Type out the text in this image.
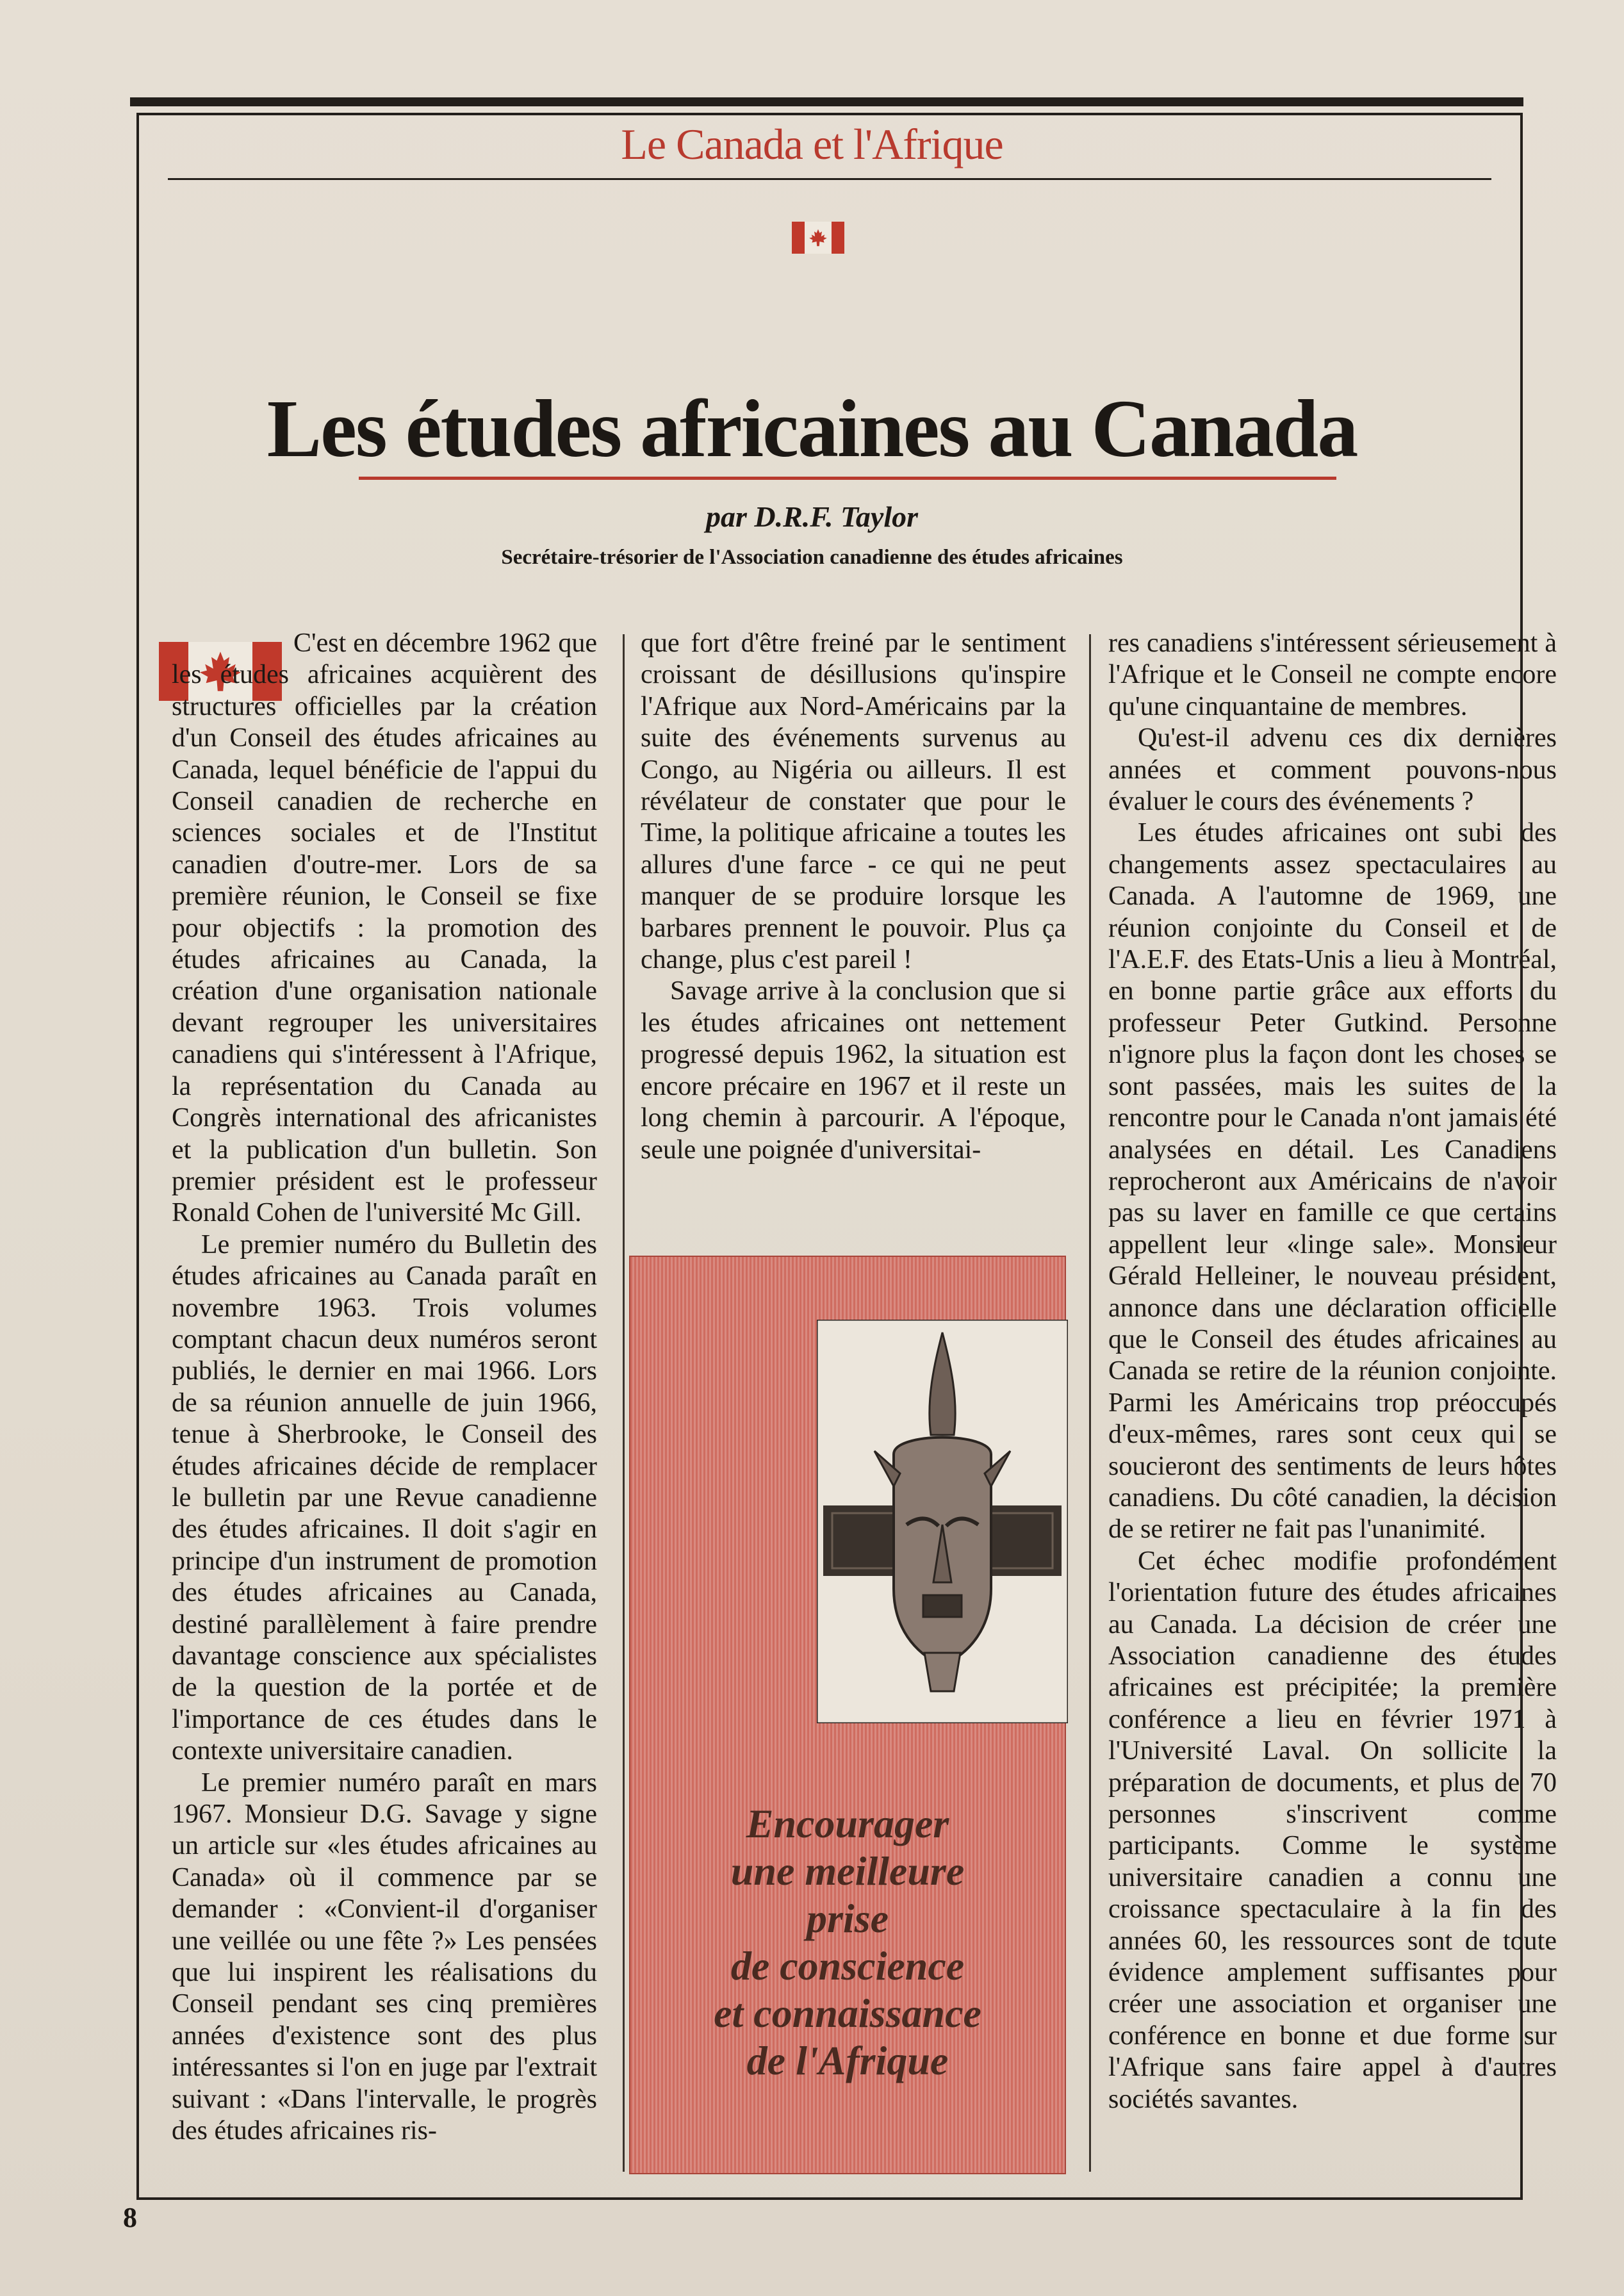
Le Canada et l'Afrique
Les études africaines au Canada
par D.R.F. Taylor
Secrétaire-trésorier de l'Association canadienne des études africaines

C'est en décembre 1962 que les études africaines acquièrent des structures officielles par la création d'un Conseil des études africaines au Canada, lequel bénéficie de l'appui du Conseil canadien de recherche en sciences sociales et de l'Institut canadien d'outre-mer. Lors de sa première réunion, le Conseil se fixe pour objectifs : la promotion des études africaines au Canada, la création d'une organisation nationale devant regrouper les universitaires canadiens qui s'intéressent à l'Afrique, la représentation du Canada au Congrès international des africanistes et la publication d'un bulletin. Son premier président est le professeur Ronald Cohen de l'université Mc Gill.

Le premier numéro du Bulletin des études africaines au Canada paraît en novembre 1963. Trois volumes comptant chacun deux numéros seront publiés, le dernier en mai 1966. Lors de sa réunion annuelle de juin 1966, tenue à Sherbrooke, le Conseil des études africaines décide de remplacer le bulletin par une Revue canadienne des études africaines. Il doit s'agir en principe d'un instrument de promotion des études africaines au Canada, destiné parallèlement à faire prendre davantage conscience aux spécialistes de la question de la portée et de l'importance de ces études dans le contexte universitaire canadien.

Le premier numéro paraît en mars 1967. Monsieur D.G. Savage y signe un article sur «les études africaines au Canada» où il commence par se demander : «Convient-il d'organiser une veillée ou une fête ?» Les pensées que lui inspirent les réalisations du Conseil pendant ses cinq premières années d'existence sont des plus intéressantes si l'on en juge par l'extrait suivant : «Dans l'intervalle, le progrès des études africaines ris-

que fort d'être freiné par le sentiment croissant de désillusions qu'inspire l'Afrique aux Nord-Américains par la suite des événements survenus au Congo, au Nigéria ou ailleurs. Il est révélateur de constater que pour le Time, la politique africaine a toutes les allures d'une farce - ce qui ne peut manquer de se produire lorsque les barbares prennent le pouvoir. Plus ça change, plus c'est pareil !

Savage arrive à la conclusion que si les études africaines ont nettement progressé depuis 1962, la situation est encore précaire en 1967 et il reste un long chemin à parcourir. A l'époque, seule une poignée d'universitai-

res canadiens s'intéressent sérieusement à l'Afrique et le Conseil ne compte encore qu'une cinquantaine de membres.

Qu'est-il advenu ces dix dernières années et comment pouvons-nous évaluer le cours des événements ?

Les études africaines ont subi des changements assez spectaculaires au Canada. A l'automne de 1969, une réunion conjointe du Conseil et de l'A.E.F. des Etats-Unis a lieu à Montréal, en bonne partie grâce aux efforts du professeur Peter Gutkind. Personne n'ignore plus la façon dont les choses se sont passées, mais les suites de la rencontre pour le Canada n'ont jamais été analysées en détail. Les Canadiens reprocheront aux Américains de n'avoir pas su laver en famille ce que certains appellent leur «linge sale». Monsieur Gérald Helleiner, le nouveau président, annonce dans une déclaration officielle que le Conseil des études africaines au Canada se retire de la réunion conjointe. Parmi les Américains trop préoccupés d'eux-mêmes, rares sont ceux qui se soucieront des sentiments de leurs hôtes canadiens. Du côté canadien, la décision de se retirer ne fait pas l'unanimité.

Cet échec modifie profondément l'orientation future des études africaines au Canada. La décision de créer une Association canadienne des études africaines est précipitée; la première conférence a lieu en février 1971 à l'Université Laval. On sollicite la préparation de documents, et plus de 70 personnes s'inscrivent comme participants. Comme le système universitaire canadien a connu une croissance spectaculaire à la fin des années 60, les ressources sont de toute évidence amplement suffisantes pour créer une association et organiser une conférence en bonne et due forme sur l'Afrique sans faire appel à d'autres sociétés savantes.

Encourager
une meilleure
prise
de conscience
et connaissance
de l'Afrique
8
